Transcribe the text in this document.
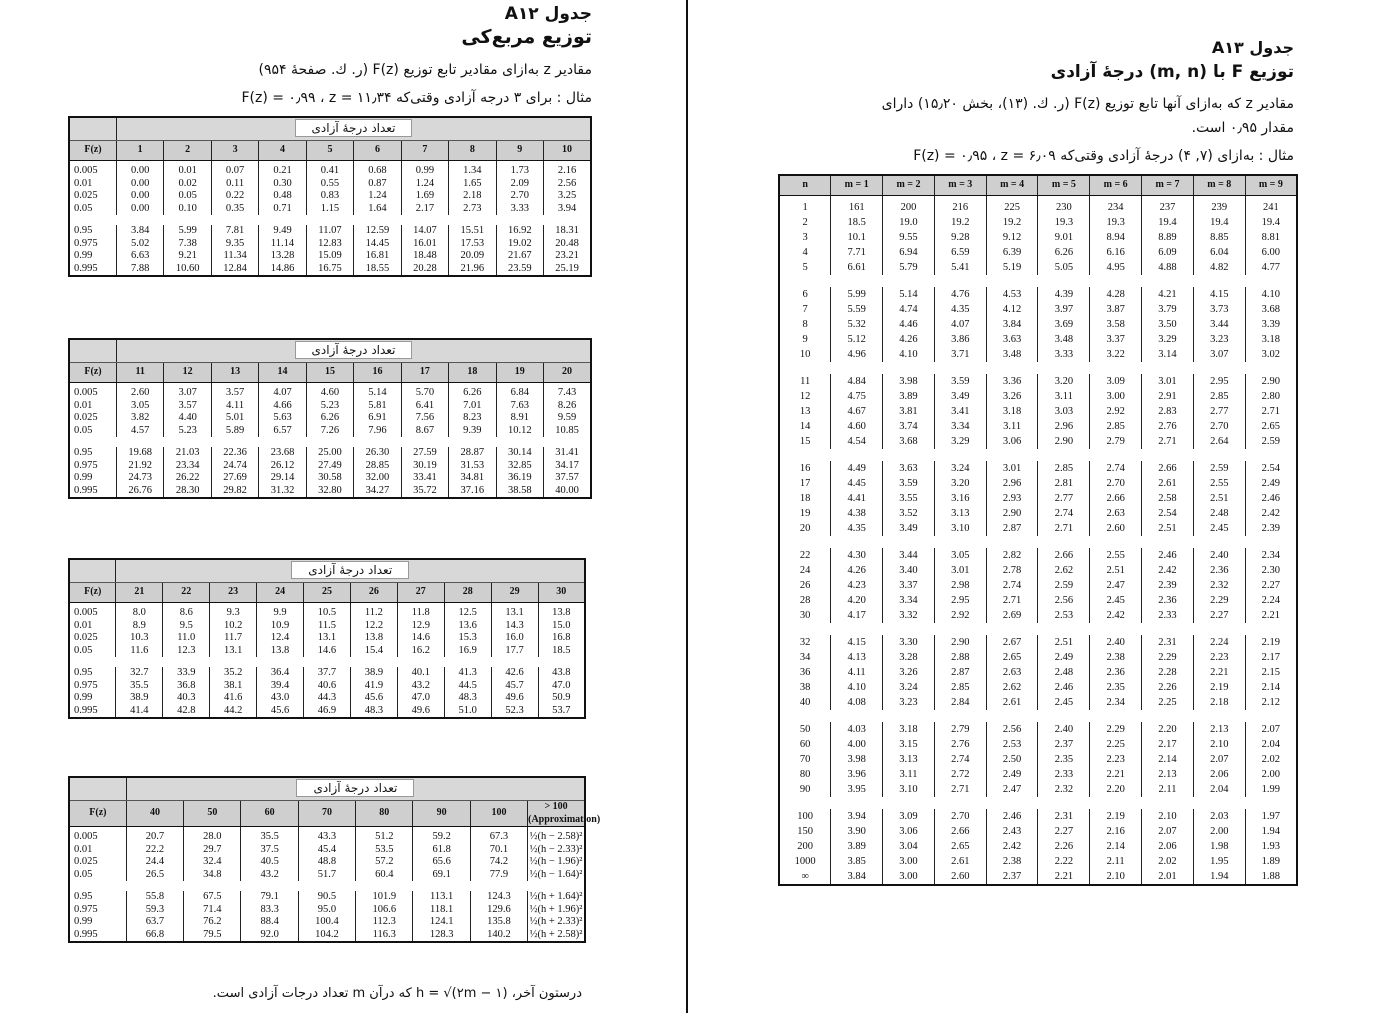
جدول A۱۲
توزیع مربع‌کی
مقادیر z به‌ازای مقادیر تابع توزیع F(z) (ر. ك. صفحهٔ ۹۵۴)
مثال : برای ۳ درجه آزادی وقتی‌که F(z) = ۰٫۹۹ ، z = ۱۱٫۳۴
	تعداد درجهٔ آزادی									
F(z)	1	2	3	4	5	6	7	8	9	10
0.005	0.00	0.01	0.07	0.21	0.41	0.68	0.99	1.34	1.73	2.16
0.01	0.00	0.02	0.11	0.30	0.55	0.87	1.24	1.65	2.09	2.56
0.025	0.00	0.05	0.22	0.48	0.83	1.24	1.69	2.18	2.70	3.25
0.05	0.00	0.10	0.35	0.71	1.15	1.64	2.17	2.73	3.33	3.94

0.95	3.84	5.99	7.81	9.49	11.07	12.59	14.07	15.51	16.92	18.31
0.975	5.02	7.38	9.35	11.14	12.83	14.45	16.01	17.53	19.02	20.48
0.99	6.63	9.21	11.34	13.28	15.09	16.81	18.48	20.09	21.67	23.21
0.995	7.88	10.60	12.84	14.86	16.75	18.55	20.28	21.96	23.59	25.19
	تعداد درجهٔ آزادی									
F(z)	11	12	13	14	15	16	17	18	19	20
0.005	2.60	3.07	3.57	4.07	4.60	5.14	5.70	6.26	6.84	7.43
0.01	3.05	3.57	4.11	4.66	5.23	5.81	6.41	7.01	7.63	8.26
0.025	3.82	4.40	5.01	5.63	6.26	6.91	7.56	8.23	8.91	9.59
0.05	4.57	5.23	5.89	6.57	7.26	7.96	8.67	9.39	10.12	10.85

0.95	19.68	21.03	22.36	23.68	25.00	26.30	27.59	28.87	30.14	31.41
0.975	21.92	23.34	24.74	26.12	27.49	28.85	30.19	31.53	32.85	34.17
0.99	24.73	26.22	27.69	29.14	30.58	32.00	33.41	34.81	36.19	37.57
0.995	26.76	28.30	29.82	31.32	32.80	34.27	35.72	37.16	38.58	40.00
	تعداد درجهٔ آزادی									
F(z)	21	22	23	24	25	26	27	28	29	30
0.005	8.0	8.6	9.3	9.9	10.5	11.2	11.8	12.5	13.1	13.8
0.01	8.9	9.5	10.2	10.9	11.5	12.2	12.9	13.6	14.3	15.0
0.025	10.3	11.0	11.7	12.4	13.1	13.8	14.6	15.3	16.0	16.8
0.05	11.6	12.3	13.1	13.8	14.6	15.4	16.2	16.9	17.7	18.5

0.95	32.7	33.9	35.2	36.4	37.7	38.9	40.1	41.3	42.6	43.8
0.975	35.5	36.8	38.1	39.4	40.6	41.9	43.2	44.5	45.7	47.0
0.99	38.9	40.3	41.6	43.0	44.3	45.6	47.0	48.3	49.6	50.9
0.995	41.4	42.8	44.2	45.6	46.9	48.3	49.6	51.0	52.3	53.7
	تعداد درجهٔ آزادی							
F(z)	40	50	60	70	80	90	100	> 100 (Approximation)
0.005	20.7	28.0	35.5	43.3	51.2	59.2	67.3	½(h − 2.58)²
0.01	22.2	29.7	37.5	45.4	53.5	61.8	70.1	½(h − 2.33)²
0.025	24.4	32.4	40.5	48.8	57.2	65.6	74.2	½(h − 1.96)²
0.05	26.5	34.8	43.2	51.7	60.4	69.1	77.9	½(h − 1.64)²

0.95	55.8	67.5	79.1	90.5	101.9	113.1	124.3	½(h + 1.64)²
0.975	59.3	71.4	83.3	95.0	106.6	118.1	129.6	½(h + 1.96)²
0.99	63.7	76.2	88.4	100.4	112.3	124.1	135.8	½(h + 2.33)²
0.995	66.8	79.5	92.0	104.2	116.3	128.3	140.2	½(h + 2.58)²
درستون آخر، h = √(۲m − ۱) که درآن m تعداد درجات آزادی است.
جدول A۱۳
توزیع F با (m, n) درجهٔ آزادی
مقادیر z که به‌ازای آنها تابع توزیع F(z) (ر. ك. (۱۳)، بخش ۱۵٫۲۰) دارای
مقدار ۰٫۹۵ است.
مثال : به‌ازای (۷, ۴) درجهٔ آزادی وقتی‌که F(z) = ۰٫۹۵ ، z = ۶٫۰۹
n	m = 1	m = 2	m = 3	m = 4	m = 5	m = 6	m = 7	m = 8	m = 9
1	161	200	216	225	230	234	237	239	241
2	18.5	19.0	19.2	19.2	19.3	19.3	19.4	19.4	19.4
3	10.1	9.55	9.28	9.12	9.01	8.94	8.89	8.85	8.81
4	7.71	6.94	6.59	6.39	6.26	6.16	6.09	6.04	6.00
5	6.61	5.79	5.41	5.19	5.05	4.95	4.88	4.82	4.77

6	5.99	5.14	4.76	4.53	4.39	4.28	4.21	4.15	4.10
7	5.59	4.74	4.35	4.12	3.97	3.87	3.79	3.73	3.68
8	5.32	4.46	4.07	3.84	3.69	3.58	3.50	3.44	3.39
9	5.12	4.26	3.86	3.63	3.48	3.37	3.29	3.23	3.18
10	4.96	4.10	3.71	3.48	3.33	3.22	3.14	3.07	3.02

11	4.84	3.98	3.59	3.36	3.20	3.09	3.01	2.95	2.90
12	4.75	3.89	3.49	3.26	3.11	3.00	2.91	2.85	2.80
13	4.67	3.81	3.41	3.18	3.03	2.92	2.83	2.77	2.71
14	4.60	3.74	3.34	3.11	2.96	2.85	2.76	2.70	2.65
15	4.54	3.68	3.29	3.06	2.90	2.79	2.71	2.64	2.59

16	4.49	3.63	3.24	3.01	2.85	2.74	2.66	2.59	2.54
17	4.45	3.59	3.20	2.96	2.81	2.70	2.61	2.55	2.49
18	4.41	3.55	3.16	2.93	2.77	2.66	2.58	2.51	2.46
19	4.38	3.52	3.13	2.90	2.74	2.63	2.54	2.48	2.42
20	4.35	3.49	3.10	2.87	2.71	2.60	2.51	2.45	2.39

22	4.30	3.44	3.05	2.82	2.66	2.55	2.46	2.40	2.34
24	4.26	3.40	3.01	2.78	2.62	2.51	2.42	2.36	2.30
26	4.23	3.37	2.98	2.74	2.59	2.47	2.39	2.32	2.27
28	4.20	3.34	2.95	2.71	2.56	2.45	2.36	2.29	2.24
30	4.17	3.32	2.92	2.69	2.53	2.42	2.33	2.27	2.21

32	4.15	3.30	2.90	2.67	2.51	2.40	2.31	2.24	2.19
34	4.13	3.28	2.88	2.65	2.49	2.38	2.29	2.23	2.17
36	4.11	3.26	2.87	2.63	2.48	2.36	2.28	2.21	2.15
38	4.10	3.24	2.85	2.62	2.46	2.35	2.26	2.19	2.14
40	4.08	3.23	2.84	2.61	2.45	2.34	2.25	2.18	2.12

50	4.03	3.18	2.79	2.56	2.40	2.29	2.20	2.13	2.07
60	4.00	3.15	2.76	2.53	2.37	2.25	2.17	2.10	2.04
70	3.98	3.13	2.74	2.50	2.35	2.23	2.14	2.07	2.02
80	3.96	3.11	2.72	2.49	2.33	2.21	2.13	2.06	2.00
90	3.95	3.10	2.71	2.47	2.32	2.20	2.11	2.04	1.99

100	3.94	3.09	2.70	2.46	2.31	2.19	2.10	2.03	1.97
150	3.90	3.06	2.66	2.43	2.27	2.16	2.07	2.00	1.94
200	3.89	3.04	2.65	2.42	2.26	2.14	2.06	1.98	1.93
1000	3.85	3.00	2.61	2.38	2.22	2.11	2.02	1.95	1.89
∞	3.84	3.00	2.60	2.37	2.21	2.10	2.01	1.94	1.88
